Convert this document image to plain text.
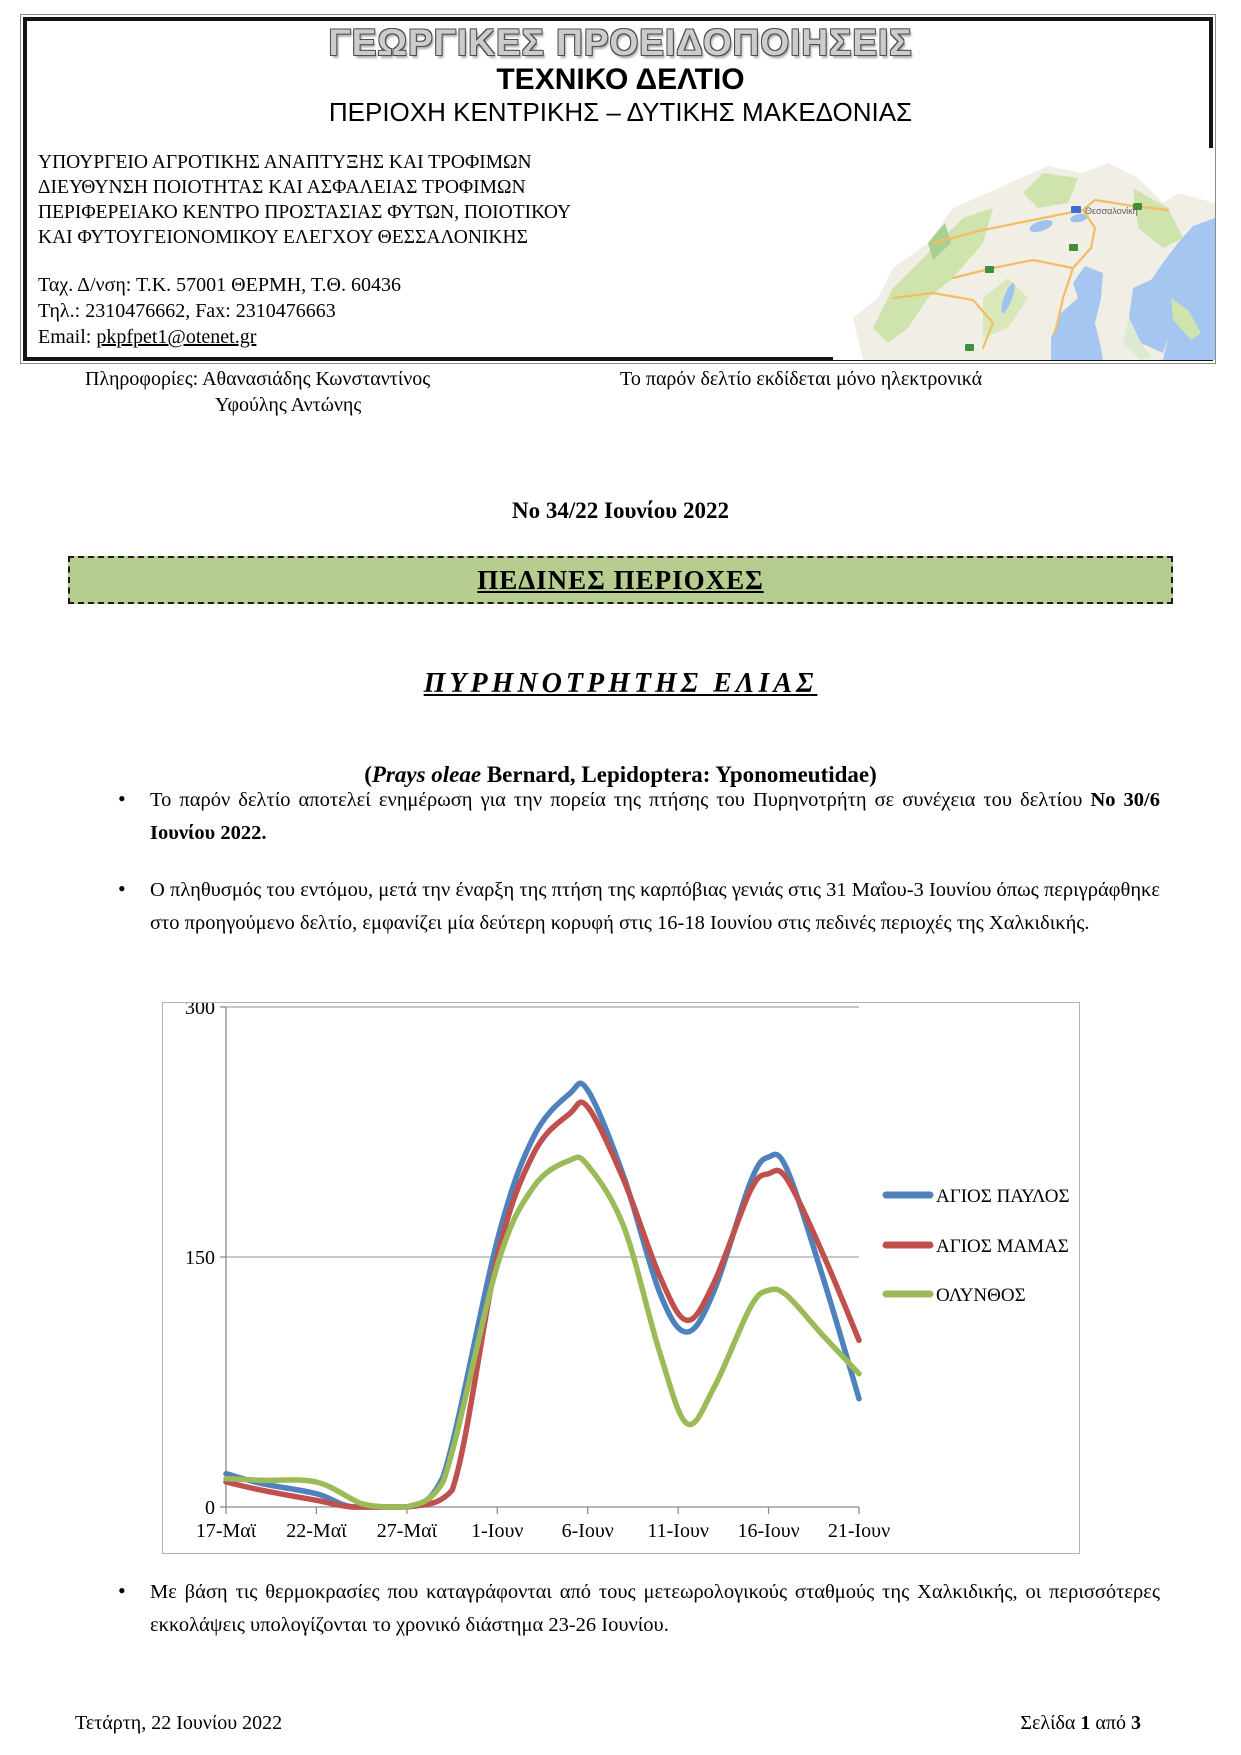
ΓΕΩΡΓΙΚΕΣ ΠΡΟΕΙΔΟΠΟΙΗΣΕΙΣ
ΤΕΧΝΙΚΟ ΔΕΛΤΙΟ
ΠΕΡΙΟΧΗ ΚΕΝΤΡΙΚΗΣ – ΔΥΤΙΚΗΣ ΜΑΚΕΔΟΝΙΑΣ
ΥΠΟΥΡΓΕΙΟ ΑΓΡΟΤΙΚΗΣ ΑΝΑΠΤΥΞΗΣ ΚΑΙ ΤΡΟΦΙΜΩΝ
ΔΙΕΥΘΥΝΣΗ ΠΟΙΟΤΗΤΑΣ ΚΑΙ ΑΣΦΑΛΕΙΑΣ ΤΡΟΦΙΜΩΝ
ΠΕΡΙΦΕΡΕΙΑΚΟ ΚΕΝΤΡΟ ΠΡΟΣΤΑΣΙΑΣ ΦΥΤΩΝ, ΠΟΙΟΤΙΚΟΥ
ΚΑΙ ΦΥΤΟΥΓΕΙΟΝΟΜΙΚΟΥ ΕΛΕΓΧΟΥ ΘΕΣΣΑΛΟΝΙΚΗΣ
Ταχ. Δ/νση: Τ.Κ. 57001 ΘΕΡΜΗ, Τ.Θ. 60436
Τηλ.: 2310476662, Fax: 2310476663
Email: pkpfpet1@otenet.gr
Θεσσαλονίκη
Πληροφορίες: Αθανασιάδης Κωνσταντίνος
Υφούλης Αντώνης
Το παρόν δελτίο εκδίδεται μόνο ηλεκτρονικά
Νο 34/22 Ιουνίου 2022
ΠΕΔΙΝΕΣ ΠΕΡΙΟΧΕΣ
ΠΥΡΗΝΟΤΡΗΤΗΣ ΕΛΙΑΣ
(Prays oleae Bernard, Lepidoptera: Yponomeutidae)
• Το παρόν δελτίο αποτελεί ενημέρωση για την πορεία της πτήσης του Πυρηνοτρήτη σε συνέχεια του δελτίου Νο 30/6 Ιουνίου 2022.
• Ο πληθυσμός του εντόμου, μετά την έναρξη της πτήση της καρπόβιας γενιάς στις 31 Μαΐου-3 Ιουνίου όπως περιγράφθηκε στο προηγούμενο δελτίο, εμφανίζει μία δεύτερη κορυφή στις 16-18 Ιουνίου στις πεδινές περιοχές της Χαλκιδικής.
0
150
300
17-Μαϊ 22-Μαϊ 27-Μαϊ 1-Ιουν 6-Ιουν 11-Ιουν 16-Ιουν 21-Ιουν
ΑΓΙΟΣ ΠΑΥΛΟΣ
ΑΓΙΟΣ ΜΑΜΑΣ
ΟΛΥΝΘΟΣ
• Με βάση τις θερμοκρασίες που καταγράφονται από τους μετεωρολογικούς σταθμούς της Χαλκιδικής, οι περισσότερες εκκολάψεις υπολογίζονται το χρονικό διάστημα 23-26 Ιουνίου.
Τετάρτη, 22 Ιουνίου 2022	Σελίδα 1 από 3
